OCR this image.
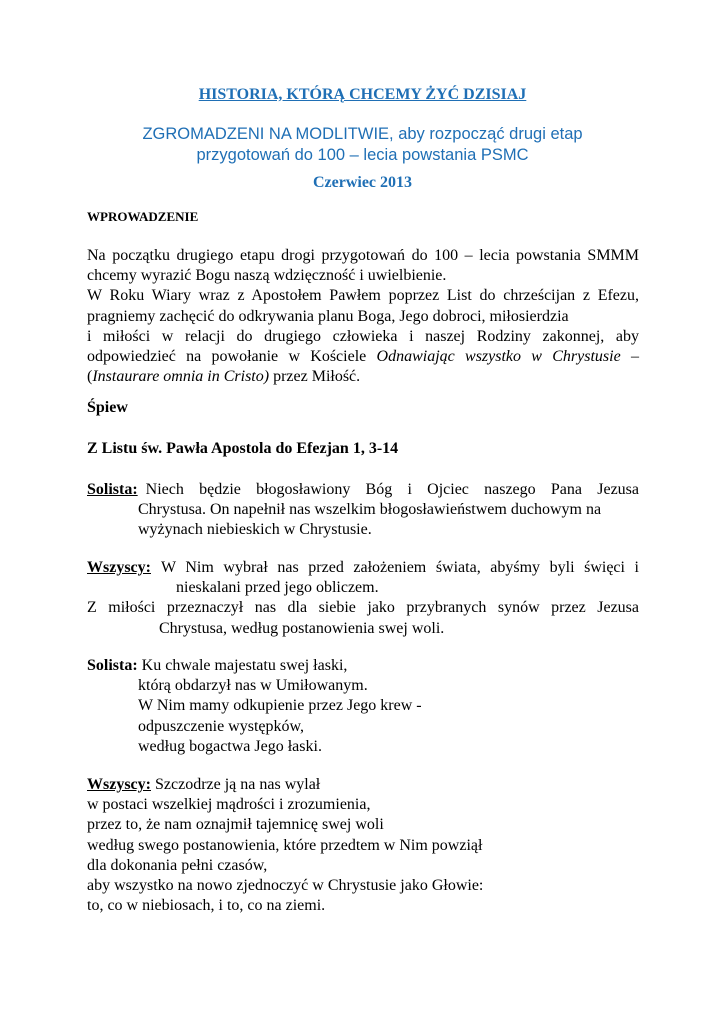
HISTORIA, KTÓRĄ CHCEMY ŻYĆ DZISIAJ
ZGROMADZENI NA MODLITWIE, aby rozpocząć drugi etap
przygotowań do 100 – lecia powstania PSMC
Czerwiec 2013
WPROWADZENIE

Na początku drugiego etapu drogi przygotowań do 100 – lecia powstania SMMM chcemy wyrazić Bogu naszą wdzięczność i uwielbienie.

W Roku Wiary wraz z Apostołem Pawłem poprzez List do chrześcijan z Efezu, pragniemy zachęcić do odkrywania planu Boga, Jego dobroci, miłosierdzia

i miłości w relacji do drugiego człowieka i naszej Rodziny zakonnej, aby odpowiedzieć na powołanie w Kościele Odnawiając wszystko w Chrystusie – (Instaurare omnia in Cristo) przez Miłość.

Śpiew
Z Listu św. Pawła Apostola do Efezjan 1, 3-14
Solista: Niech będzie błogosławiony Bóg i Ojciec naszego Pana Jezusa
Chrystusa. On napełnił nas wszelkim błogosławieństwem duchowym na
wyżynach niebieskich w Chrystusie.
Wszyscy: W Nim wybrał nas przed założeniem świata, abyśmy byli święci i
nieskalani przed jego obliczem.
Z miłości przeznaczył nas dla siebie jako przybranych synów przez Jezusa
Chrystusa, według postanowienia swej woli.
Solista: Ku chwale majestatu swej łaski,
którą obdarzył nas w Umiłowanym.
W Nim mamy odkupienie przez Jego krew -
odpuszczenie występków,
według bogactwa Jego łaski.
Wszyscy: Szczodrze ją na nas wylał
w postaci wszelkiej mądrości i zrozumienia,
przez to, że nam oznajmił tajemnicę swej woli
według swego postanowienia, które przedtem w Nim powziął
dla dokonania pełni czasów,
aby wszystko na nowo zjednoczyć w Chrystusie jako Głowie:
to, co w niebiosach, i to, co na ziemi.
